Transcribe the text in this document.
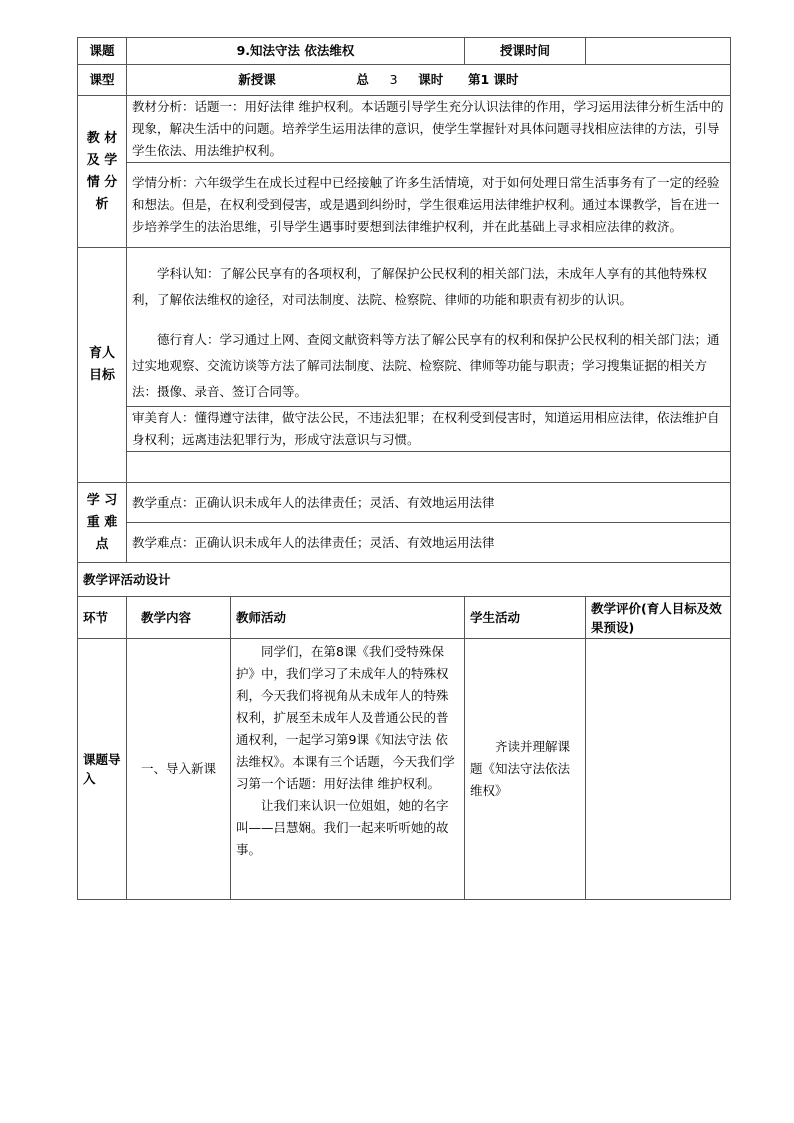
课题	9.知法守法 依法维权		授课时间	
课型	新授课 总 3 课时 第1 课时			

教 材
及 学
情 分
析	教材分析：话题一：用好法律 维护权利。本话题引导学生充分认识法律的作用，学习运用法律分析生活中的现象，解决生活中的问题。培养学生运用法律的意识，使学生掌握针对具体问题寻找相应法律的方法，引导学生依法、用法维护权利。			
	学情分析：六年级学生在成长过程中已经接触了许多生活情境，对于如何处理日常生活事务有了一定的经验和想法。但是，在权利受到侵害，或是遇到纠纷时，学生很难运用法律维护权利。通过本课教学，旨在进一步培养学生的法治思维，引导学生遇事时要想到法律维护权利，并在此基础上寻求相应法律的救济。			

育人
目标	学科认知：了解公民享有的各项权利，了解保护公民权利的相关部门法，未成年人享有的其他特殊权利，了解依法维权的途径，对司法制度、法院、检察院、律师的功能和职责有初步的认识。			
	德行育人：学习通过上网、查阅文献资料等方法了解公民享有的权利和保护公民权利的相关部门法；通过实地观察、交流访谈等方法了解司法制度、法院、检察院、律师等功能与职责；学习搜集证据的相关方法：摄像、录音、签订合同等。			
	审美育人：懂得遵守法律，做守法公民，不违法犯罪；在权利受到侵害时，知道运用相应法律，依法维护自身权利；远离违法犯罪行为，形成守法意识与习惯。			

学 习
重 难
点	教学重点：正确认识未成年人的法律责任；灵活、有效地运用法律			
	教学难点：正确认识未成年人的法律责任；灵活、有效地运用法律			
教学评活动设计				
环节	教学内容	教师活动	学生活动	教学评价(育人目标及效果预设)
课题导入	一、导入新课	同学们，在第8课《我们受特殊保护》中，我们学习了未成年人的特殊权利，今天我们将视角从未成年人的特殊权利，扩展至未成年人及普通公民的普通权利，一起学习第9课《知法守法 依法维权》。本课有三个话题，今天我们学习第一个话题：用好法律 维护权利。
让我们来认识一位姐姐，她的名字叫——吕慧娴。我们一起来听听她的故事。	齐读并理解课题《知法守法依法维权》	
